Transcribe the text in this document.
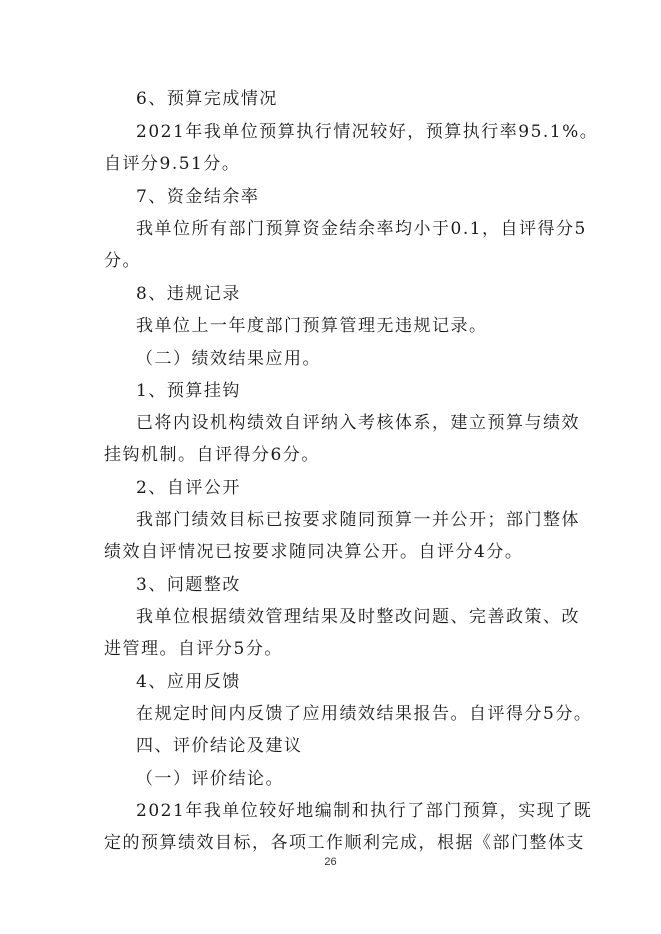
6、预算完成情况
2021年我单位预算执行情况较好，预算执行率95.1%。
自评分9.51分。
7、资金结余率
我单位所有部门预算资金结余率均小于0.1，自评得分5
分。
8、违规记录
我单位上一年度部门预算管理无违规记录。
（二）绩效结果应用。
1、预算挂钩
已将内设机构绩效自评纳入考核体系，建立预算与绩效
挂钩机制。自评得分6分。
2、自评公开
我部门绩效目标已按要求随同预算一并公开；部门整体
绩效自评情况已按要求随同决算公开。自评分4分。
3、问题整改
我单位根据绩效管理结果及时整改问题、完善政策、改
进管理。自评分5分。
4、应用反馈
在规定时间内反馈了应用绩效结果报告。自评得分5分。
四、评价结论及建议
（一）评价结论。
2021年我单位较好地编制和执行了部门预算，实现了既
定的预算绩效目标，各项工作顺利完成，根据《部门整体支
26
